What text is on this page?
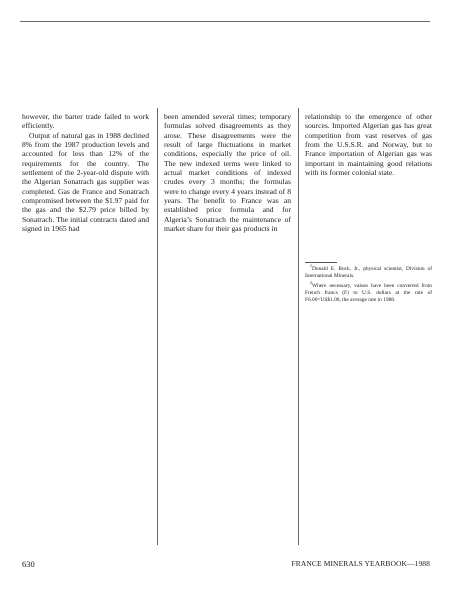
however, the barter trade failed to work efficiently.

Output of natural gas in 1988 declined 8% from the 1987 production levels and accounted for less than 12% of the requirements for the country. The settlement of the 2-year-old dispute with the Algerian Sonatrach gas supplier was completed. Gas de France and Sonatrach compromised between the $1.97 paid for the gas and the $2.79 price billed by Sonatrach. The initial contracts dated and signed in 1965 had

been amended several times; temporary formulas solved disagreements as they arose. These disagreements were the result of large fluctuations in market conditions, especially the price of oil. The new indexed terms were linked to actual market conditions of indexed crudes every 3 months; the formulas were to change every 4 years instead of 8 years. The benefit to France was an established price formula and for Algeria’s Sonatrach the maintenance of market share for their gas products in

relationship to the emergence of other sources. Imported Algerian gas has great competition from vast reserves of gas from the U.S.S.R. and Norway, but to France importation of Algerian gas was important in maintaining good relations with its former colonial state.

$^1$Donald E. Buck, Jr., physical scientist, Division of International Minerals.

$^2$Where necessary, values have been converted from French francs (F) to U.S. dollars at the rate of F6.00=US$1.00, the average rate in 1988.

630	FRANCE MINERALS YEARBOOK—1988
